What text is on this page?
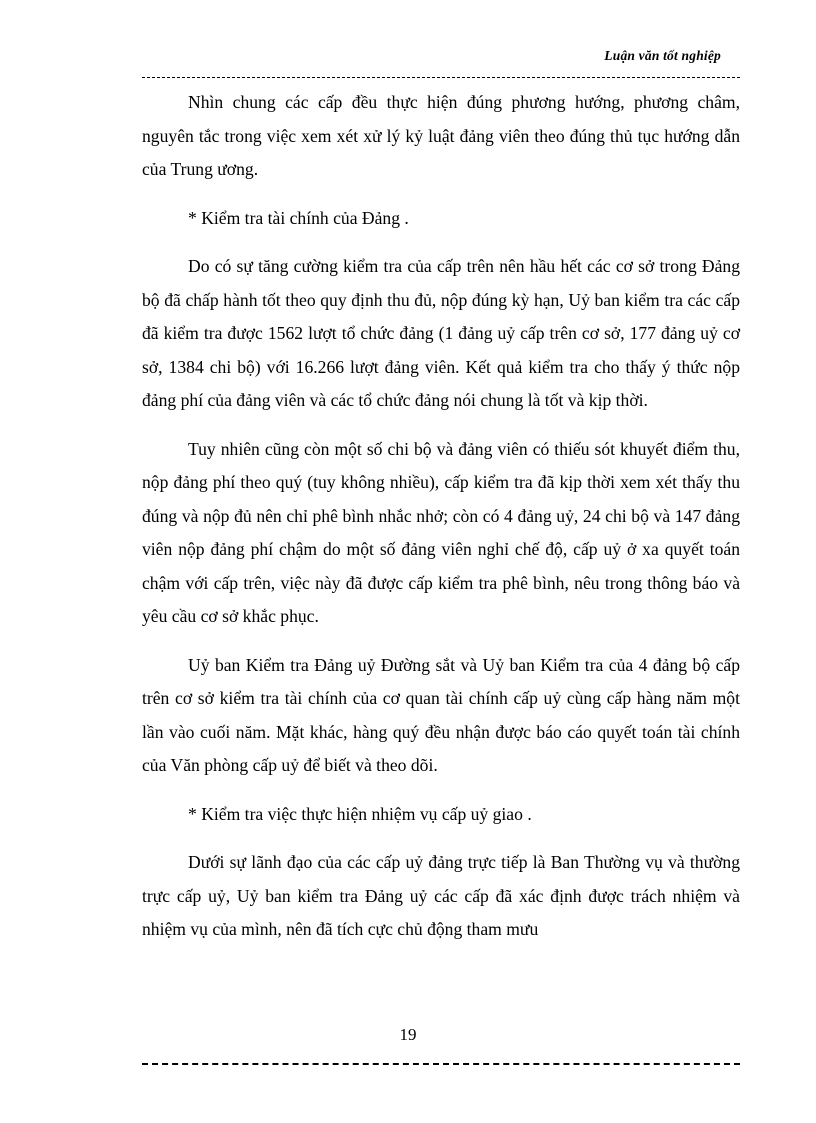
Luận văn tốt nghiệp

Nhìn chung các cấp đều thực hiện đúng phương hướng, phương châm, nguyên tắc trong việc xem xét xử lý kỷ luật đảng viên theo đúng thủ tục hướng dẫn của Trung ương.

* Kiểm tra tài chính của Đảng .

Do có sự tăng cường kiểm tra của cấp trên nên hầu hết các cơ sở trong Đảng bộ đã chấp hành tốt theo quy định thu đủ, nộp đúng kỳ hạn, Uỷ ban kiểm tra các cấp đã kiểm tra được 1562 lượt tổ chức đảng (1 đảng uỷ cấp trên cơ sở, 177 đảng uỷ cơ sở, 1384 chi bộ) với 16.266 lượt đảng viên. Kết quả kiểm tra cho thấy ý thức nộp đảng phí của đảng viên và các tổ chức đảng nói chung là tốt và kịp thời.

Tuy nhiên cũng còn một số chi bộ và đảng viên có thiếu sót khuyết điểm thu, nộp đảng phí theo quý (tuy không nhiều), cấp kiểm tra đã kịp thời xem xét thấy thu đúng và nộp đủ nên chỉ phê bình nhắc nhở; còn có 4 đảng uỷ, 24 chi bộ và 147 đảng viên nộp đảng phí chậm do một số đảng viên nghỉ chế độ, cấp uỷ ở xa quyết toán chậm với cấp trên, việc này đã được cấp kiểm tra phê bình, nêu trong thông báo và yêu cầu cơ sở khắc phục.

Uỷ ban Kiểm tra Đảng uỷ Đường sắt và Uỷ ban Kiểm tra của 4 đảng bộ cấp trên cơ sở kiểm tra tài chính của cơ quan tài chính cấp uỷ cùng cấp hàng năm một lần vào cuối năm. Mặt khác, hàng quý đều nhận được báo cáo quyết toán tài chính của Văn phòng cấp uỷ để biết và theo dõi.

* Kiểm tra việc thực hiện nhiệm vụ cấp uỷ giao .

Dưới sự lãnh đạo của các cấp uỷ đảng trực tiếp là Ban Thường vụ và thường trực cấp uỷ, Uỷ ban kiểm tra Đảng uỷ các cấp đã xác định được trách nhiệm và nhiệm vụ của mình, nên đã tích cực chủ động tham mưu

19
